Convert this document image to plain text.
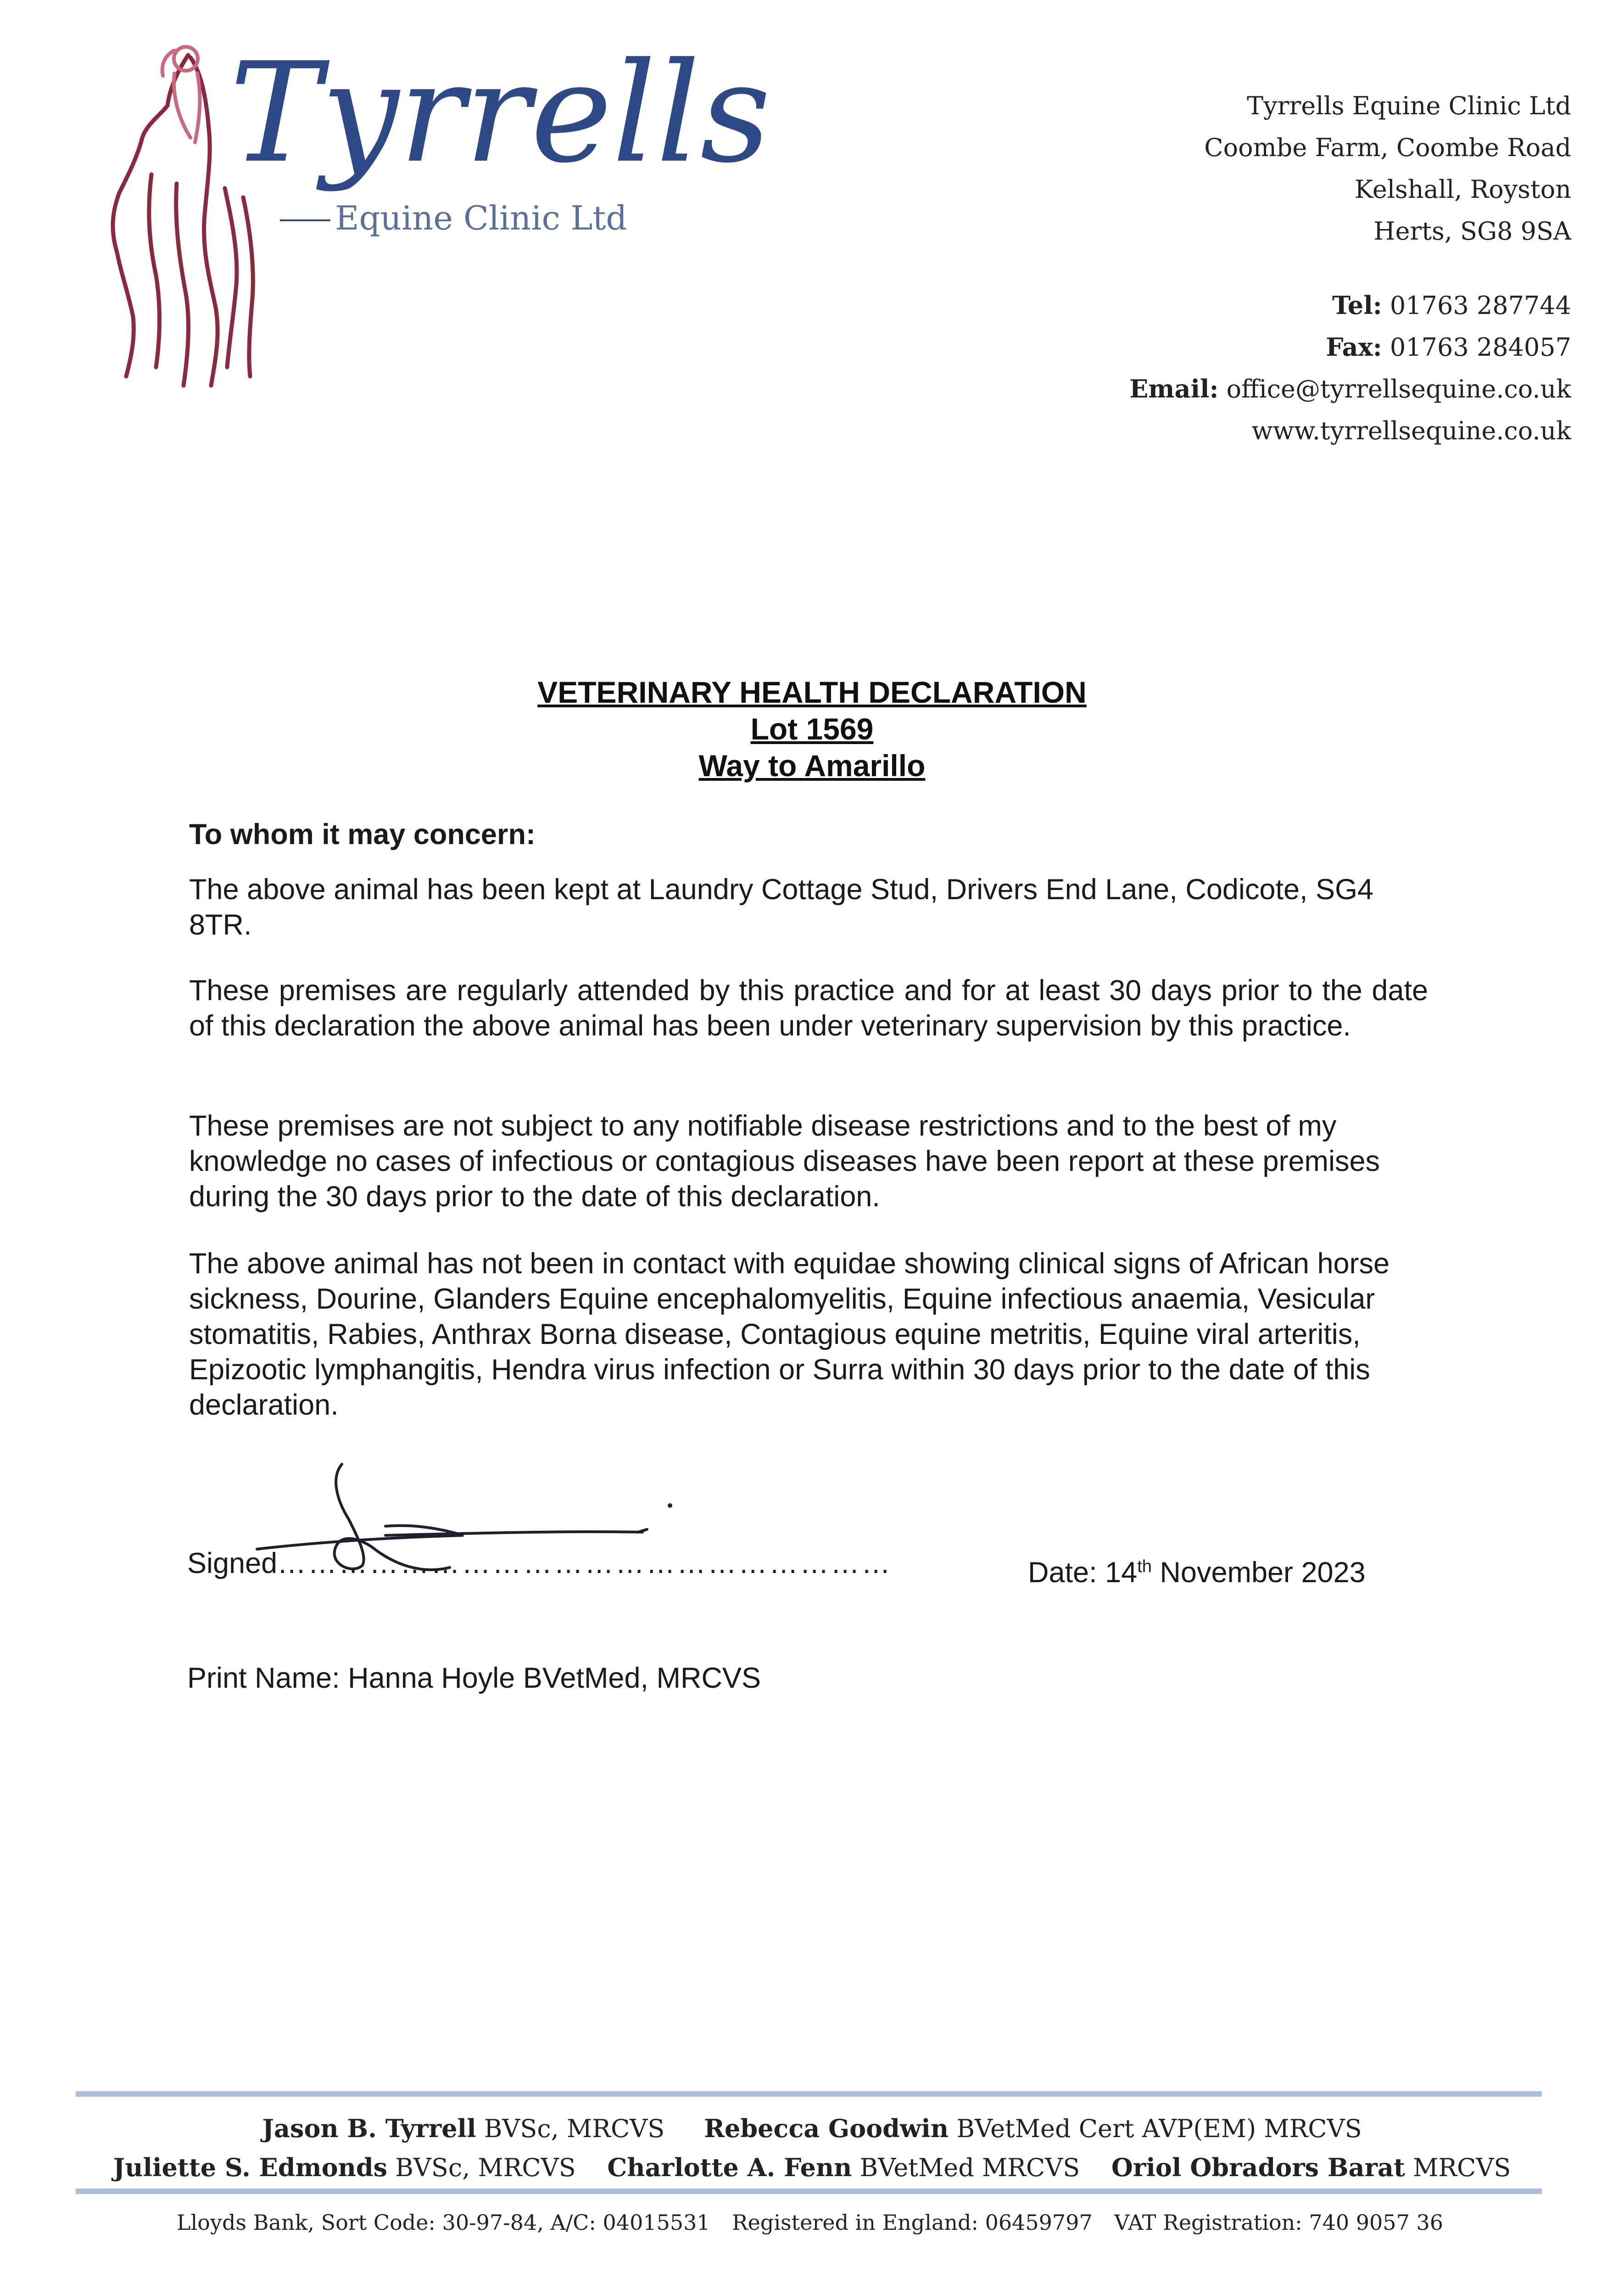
Tyrrells
Equine Clinic Ltd
Tyrrells Equine Clinic Ltd
Coombe Farm, Coombe Road
Kelshall, Royston
Herts, SG8 9SA
Tel: 01763 287744
Fax: 01763 284057
Email: office@tyrrellsequine.co.uk
www.tyrrellsequine.co.uk
VETERINARY HEALTH DECLARATION
Lot 1569
Way to Amarillo
To whom it may concern:
The above animal has been kept at Laundry Cottage Stud, Drivers End Lane, Codicote, SG4 8TR.
These premises are regularly attended by this practice and for at least 30 days prior to the date of this declaration the above animal has been under veterinary supervision by this practice.
These premises are not subject to any notifiable disease restrictions and to the best of my knowledge no cases of infectious or contagious diseases have been report at these premises during the 30 days prior to the date of this declaration.
The above animal has not been in contact with equidae showing clinical signs of African horse sickness, Dourine, Glanders Equine encephalomyelitis, Equine infectious anaemia, Vesicular stomatitis, Rabies, Anthrax Borna disease, Contagious equine metritis, Equine viral arteritis, Epizootic lymphangitis, Hendra virus infection or Surra within 30 days prior to the date of this declaration.
Signed……………………………………………………	Date: 14th November 2023
Print Name: Hanna Hoyle BVetMed, MRCVS
Jason B. Tyrrell BVSc, MRCVS Rebecca Goodwin BVetMed Cert AVP(EM) MRCVS
Juliette S. Edmonds BVSc, MRCVS Charlotte A. Fenn BVetMed MRCVS Oriol Obradors Barat MRCVS
Lloyds Bank, Sort Code: 30-97-84, A/C: 04015531 Registered in England: 06459797 VAT Registration: 740 9057 36
